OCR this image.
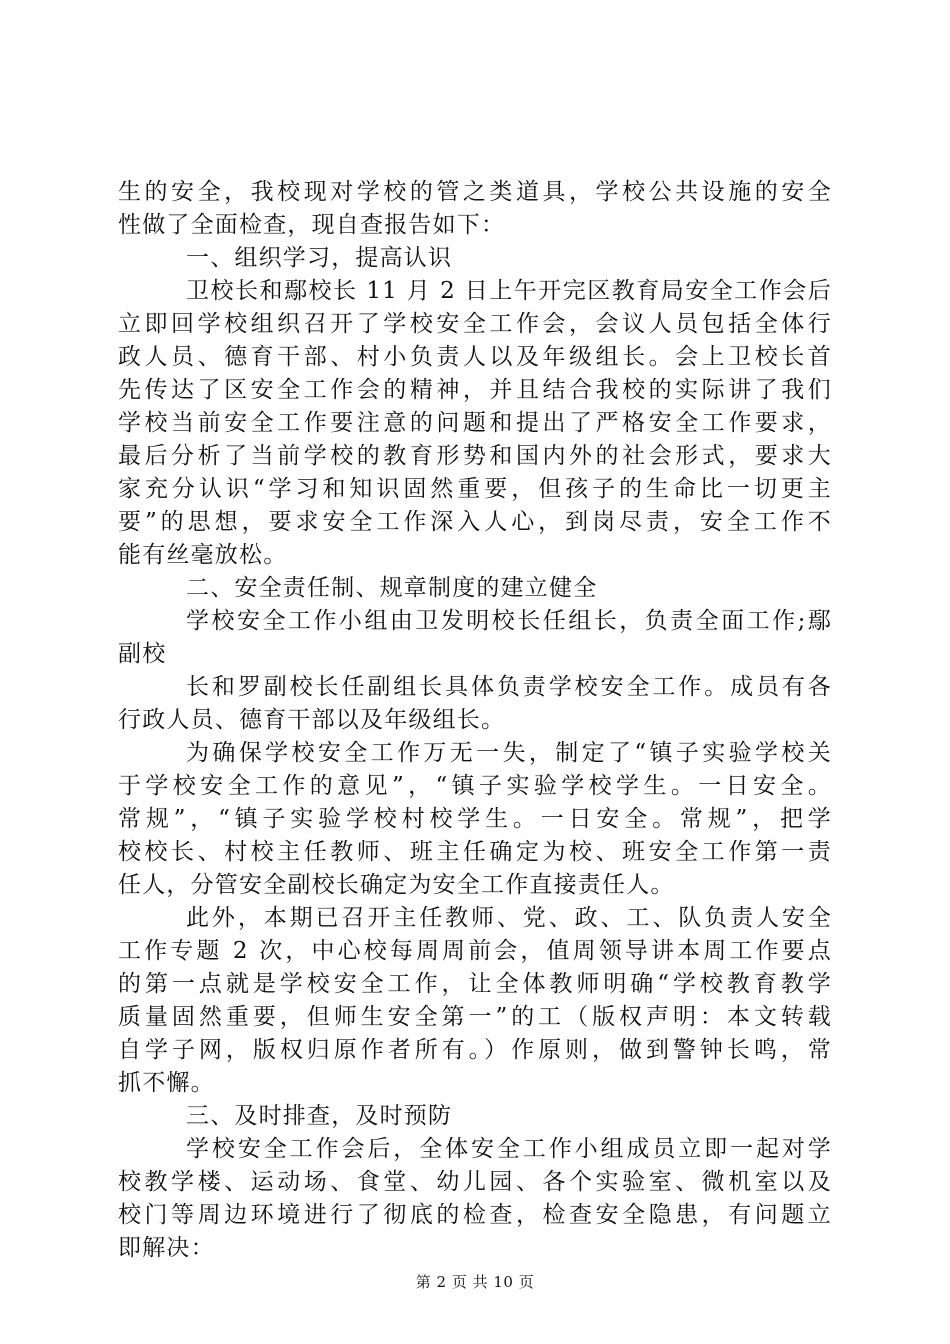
生的安全，我校现对学校的管之类道具，学校公共设施的安全
性做了全面检查，现自查报告如下：
一、组织学习，提高认识
卫校长和鄢校长 11 月 2 日上午开完区教育局安全工作会后
立即回学校组织召开了学校安全工作会，会议人员包括全体行
政人员、德育干部、村小负责人以及年级组长。会上卫校长首
先传达了区安全工作会的精神，并且结合我校的实际讲了我们
学校当前安全工作要注意的问题和提出了严格安全工作要求，
最后分析了当前学校的教育形势和国内外的社会形式，要求大
家充分认识“学习和知识固然重要，但孩子的生命比一切更主
要”的思想，要求安全工作深入人心，到岗尽责，安全工作不
能有丝毫放松。
二、安全责任制、规章制度的建立健全
学校安全工作小组由卫发明校长任组长，负责全面工作;鄢
副校
长和罗副校长任副组长具体负责学校安全工作。成员有各
行政人员、德育干部以及年级组长。
为确保学校安全工作万无一失，制定了“镇子实验学校关
于学校安全工作的意见”，“镇子实验学校学生。一日安全。
常规”，“镇子实验学校村校学生。一日安全。常规”，把学
校校长、村校主任教师、班主任确定为校、班安全工作第一责
任人，分管安全副校长确定为安全工作直接责任人。
此外，本期已召开主任教师、党、政、工、队负责人安全
工作专题 2 次，中心校每周周前会，值周领导讲本周工作要点
的第一点就是学校安全工作，让全体教师明确“学校教育教学
质量固然重要，但师生安全第一”的工（版权声明：本文转载
自学子网，版权归原作者所有。）作原则，做到警钟长鸣，常
抓不懈。
三、及时排查，及时预防
学校安全工作会后，全体安全工作小组成员立即一起对学
校教学楼、运动场、食堂、幼儿园、各个实验室、微机室以及
校门等周边环境进行了彻底的检查，检查安全隐患，有问题立
即解决：
第 2 页 共 10 页
